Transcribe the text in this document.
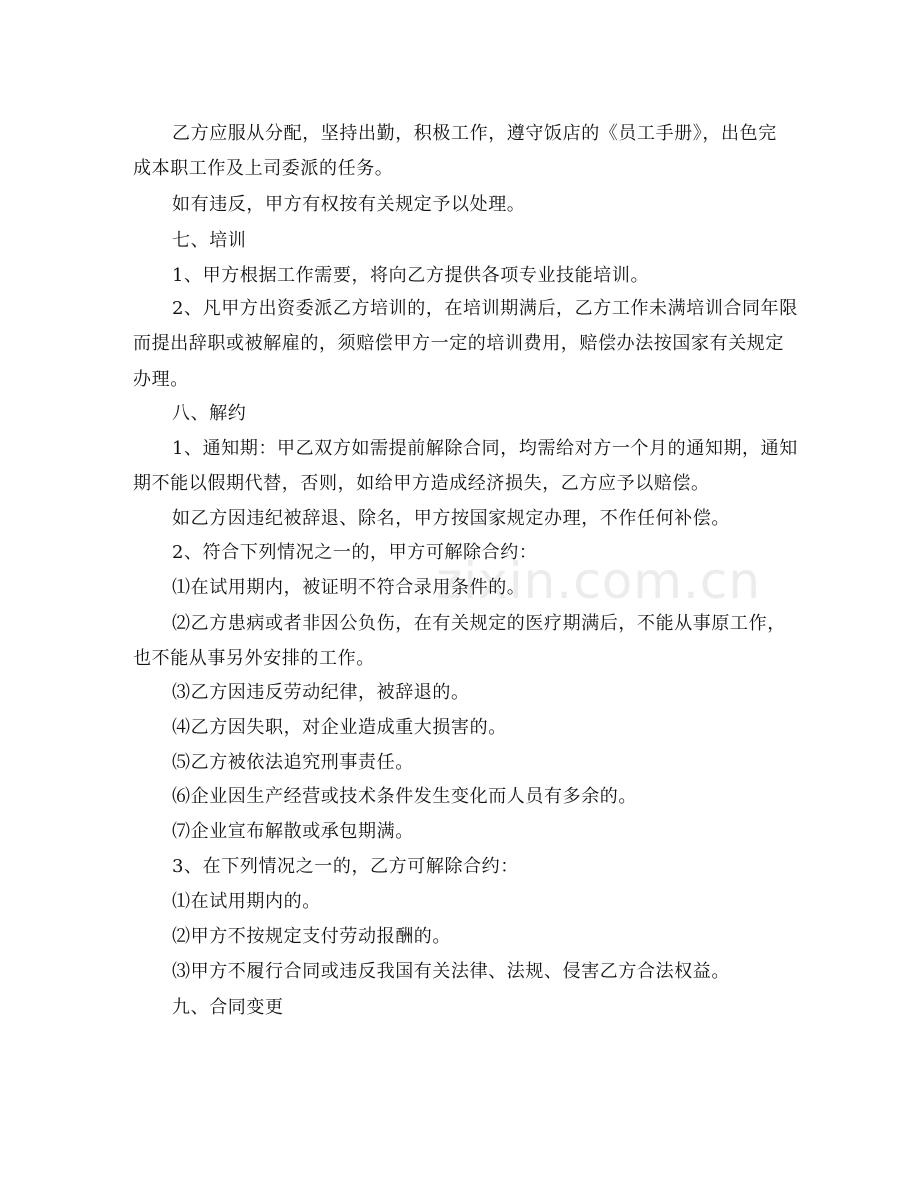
zixin.com.cn
乙方应服从分配，坚持出勤，积极工作，遵守饭店的《员工手册》，出色完
成本职工作及上司委派的任务。
如有违反，甲方有权按有关规定予以处理。
七、培训
1、甲方根据工作需要，将向乙方提供各项专业技能培训。
2、凡甲方出资委派乙方培训的，在培训期满后，乙方工作未满培训合同年限
而提出辞职或被解雇的，须赔偿甲方一定的培训费用，赔偿办法按国家有关规定
办理。
八、解约
1、通知期：甲乙双方如需提前解除合同，均需给对方一个月的通知期，通知
期不能以假期代替，否则，如给甲方造成经济损失，乙方应予以赔偿。
如乙方因违纪被辞退、除名，甲方按国家规定办理，不作任何补偿。
2、符合下列情况之一的，甲方可解除合约：
⑴在试用期内，被证明不符合录用条件的。
⑵乙方患病或者非因公负伤，在有关规定的医疗期满后，不能从事原工作，
也不能从事另外安排的工作。
⑶乙方因违反劳动纪律，被辞退的。
⑷乙方因失职，对企业造成重大损害的。
⑸乙方被依法追究刑事责任。
⑹企业因生产经营或技术条件发生变化而人员有多余的。
⑺企业宣布解散或承包期满。
3、在下列情况之一的，乙方可解除合约：
⑴在试用期内的。
⑵甲方不按规定支付劳动报酬的。
⑶甲方不履行合同或违反我国有关法律、法规、侵害乙方合法权益。
九、合同变更
